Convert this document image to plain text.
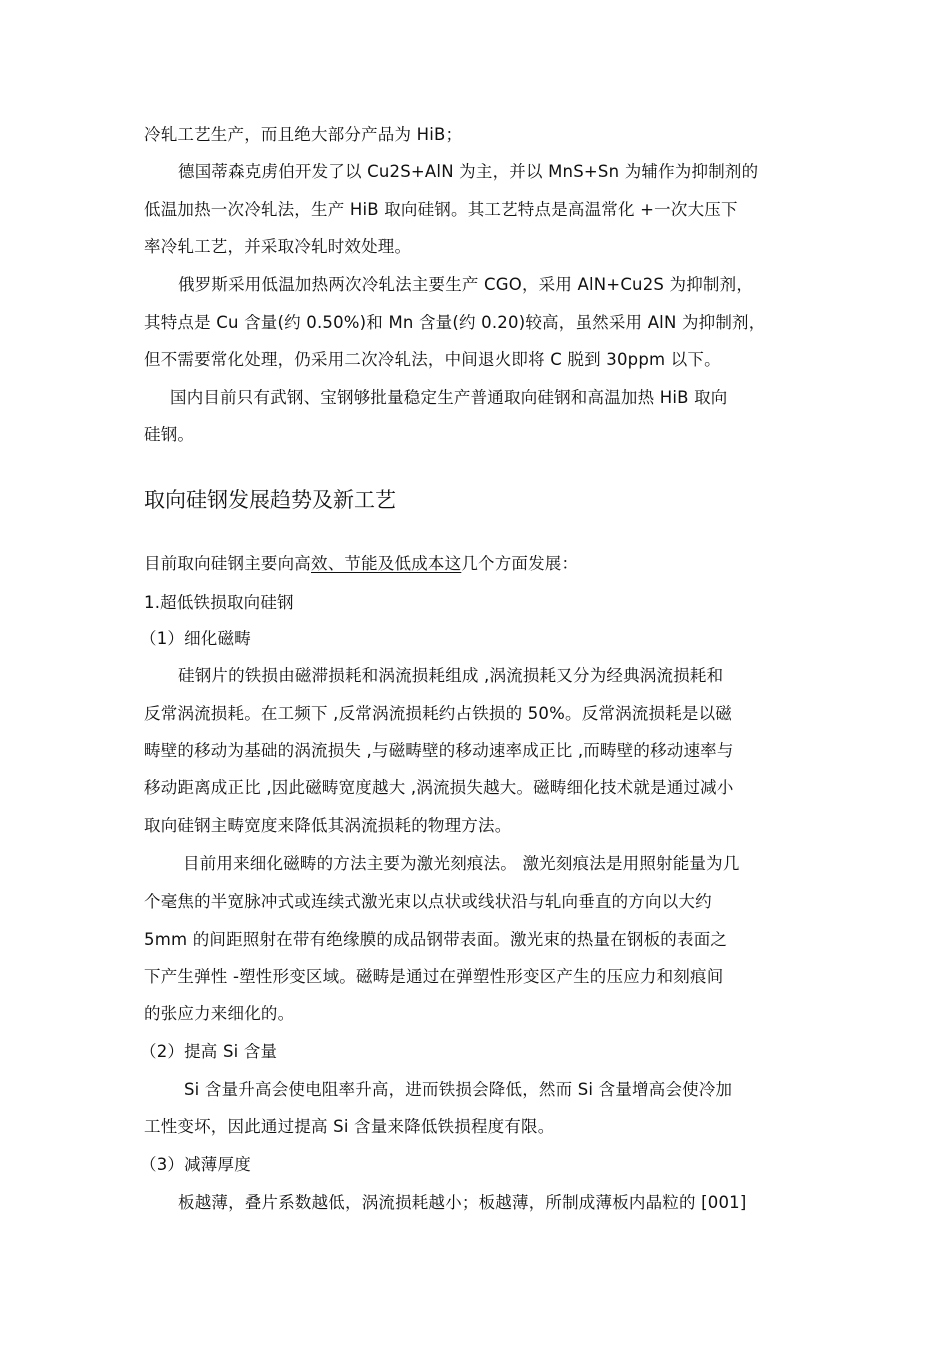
冷轧工艺生产，而且绝大部分产品为 HiB；
德国蒂森克虏伯开发了以 Cu2S+AlN 为主，并以 MnS+Sn 为辅作为抑制剂的
低温加热一次冷轧法，生产 HiB 取向硅钢。其工艺特点是高温常化 +一次大压下
率冷轧工艺，并采取冷轧时效处理。
俄罗斯采用低温加热两次冷轧法主要生产 CGO，采用 AlN+Cu2S 为抑制剂，
其特点是 Cu 含量(约 0.50%)和 Mn 含量(约 0.20)较高，虽然采用 AlN 为抑制剂，
但不需要常化处理，仍采用二次冷轧法，中间退火即将 C 脱到 30ppm 以下。
国内目前只有武钢、宝钢够批量稳定生产普通取向硅钢和高温加热 HiB 取向
硅钢。
取向硅钢发展趋势及新工艺
目前取向硅钢主要向高效、节能及低成本这几个方面发展：
1.超低铁损取向硅钢
（1）细化磁畴
硅钢片的铁损由磁滞损耗和涡流损耗组成 ,涡流损耗又分为经典涡流损耗和
反常涡流损耗。在工频下 ,反常涡流损耗约占铁损的 50%。反常涡流损耗是以磁
畴壁的移动为基础的涡流损失 ,与磁畴壁的移动速率成正比 ,而畴壁的移动速率与
移动距离成正比 ,因此磁畴宽度越大 ,涡流损失越大。磁畴细化技术就是通过减小
取向硅钢主畴宽度来降低其涡流损耗的物理方法。
目前用来细化磁畴的方法主要为激光刻痕法。 激光刻痕法是用照射能量为几
个毫焦的半宽脉冲式或连续式激光束以点状或线状沿与轧向垂直的方向以大约
5mm 的间距照射在带有绝缘膜的成品钢带表面。激光束的热量在钢板的表面之
下产生弹性 -塑性形变区域。磁畴是通过在弹塑性形变区产生的压应力和刻痕间
的张应力来细化的。
（2）提高 Si 含量
Si 含量升高会使电阻率升高，进而铁损会降低，然而 Si 含量增高会使冷加
工性变坏，因此通过提高 Si 含量来降低铁损程度有限。
（3）减薄厚度
板越薄，叠片系数越低，涡流损耗越小；板越薄，所制成薄板内晶粒的 [001]
